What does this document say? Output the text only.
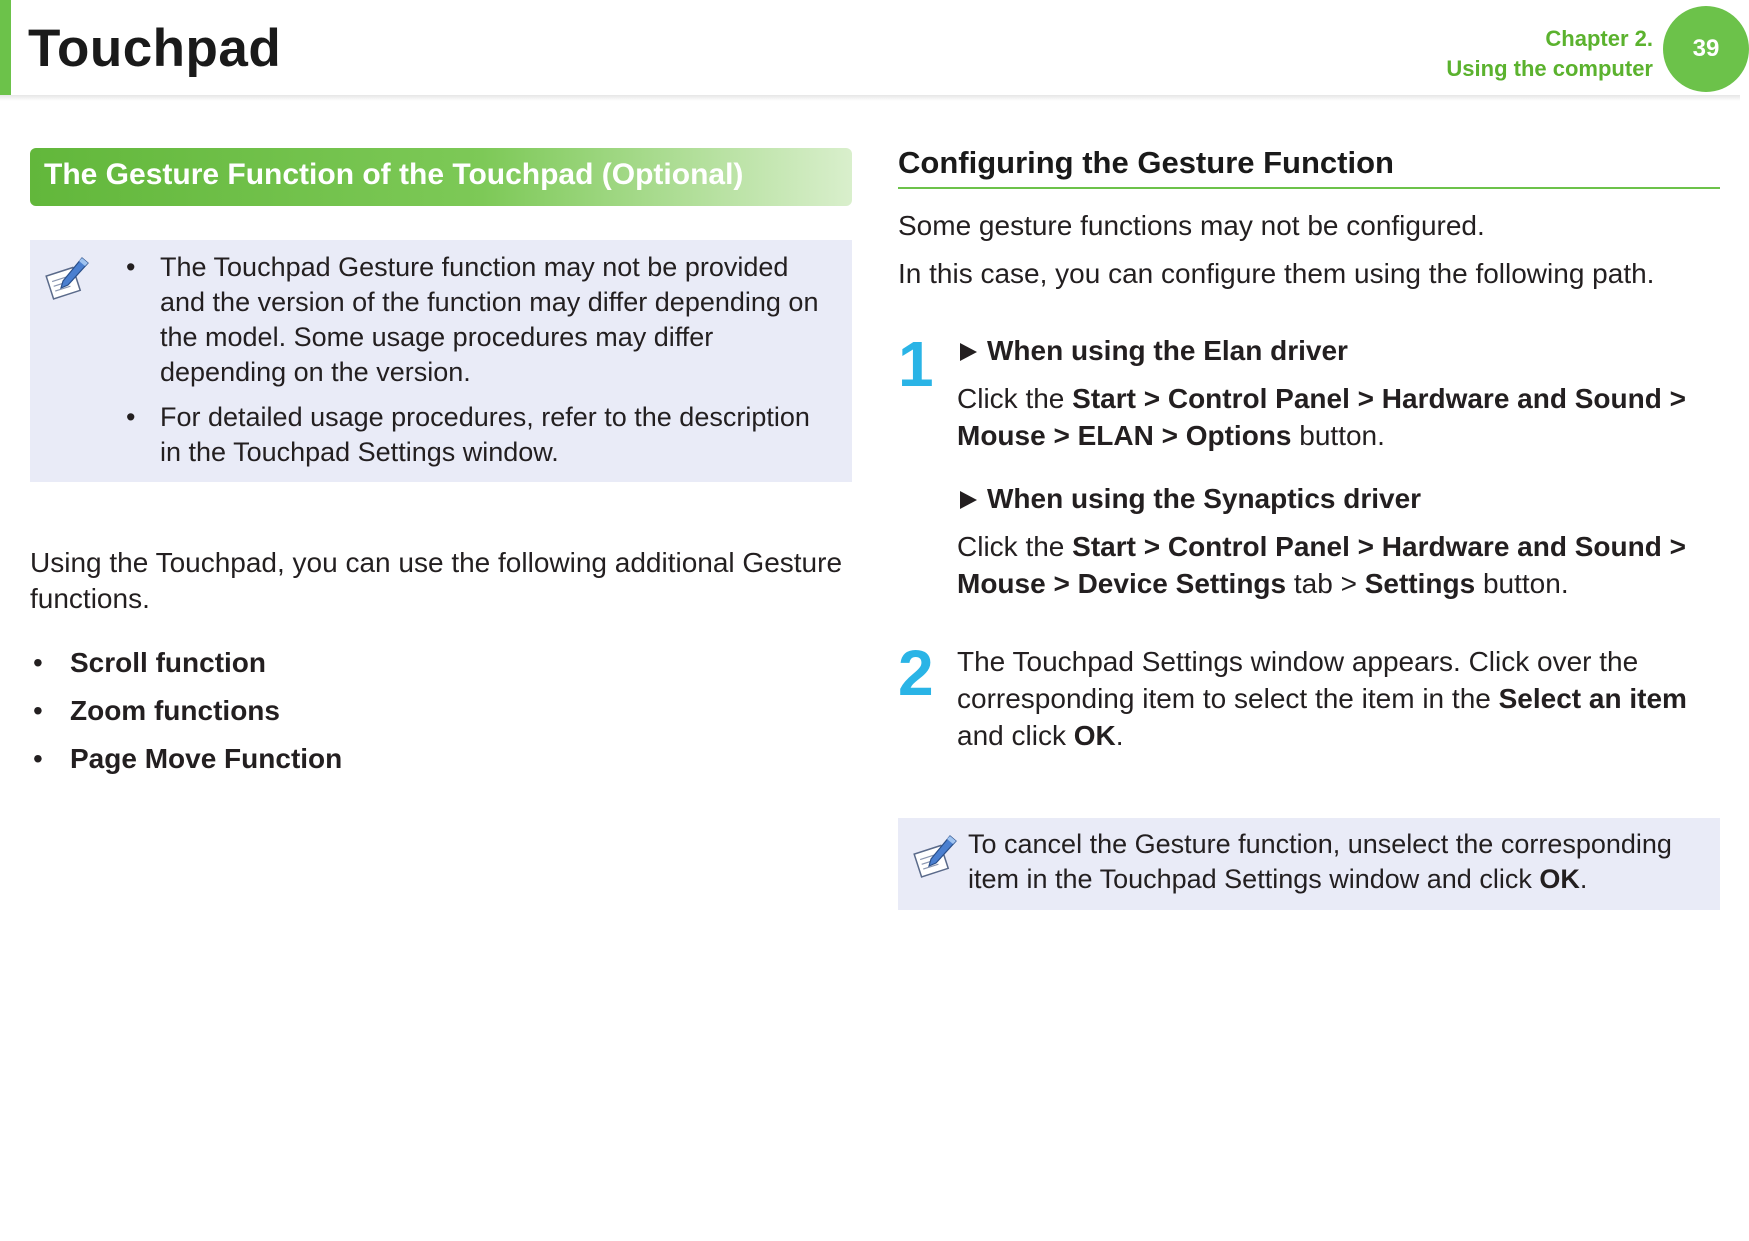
Touchpad	Chapter 2.
Using the computer
39
The Gesture Function of the Touchpad (Optional)
• The Touchpad Gesture function may not be provided and the version of the function may differ depending on the model. Some usage procedures may differ depending on the version.
• For detailed usage procedures, refer to the description in the Touchpad Settings window.
Using the Touchpad, you can use the following additional Gesture functions.
• Scroll function
• Zoom functions
• Page Move Function
Configuring the Gesture Function
Some gesture functions may not be configured.
In this case, you can configure them using the following path.
1	When using the Elan driver
Click the Start > Control Panel > Hardware and Sound > Mouse > ELAN > Options button.
When using the Synaptics driver
Click the Start > Control Panel > Hardware and Sound > Mouse > Device Settings tab > Settings button.
2 The Touchpad Settings window appears. Click over the corresponding item to select the item in the Select an item and click OK.
To cancel the Gesture function, unselect the corresponding item in the Touchpad Settings window and click OK.
